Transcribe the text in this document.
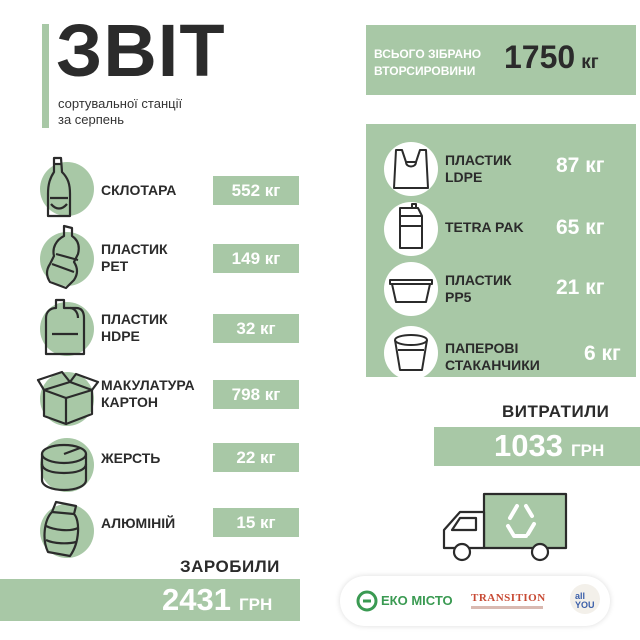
ЗВІТ
сортувальної станції
за серпень
ВСЬОГО ЗІБРАНО
ВТОРСИРОВИНИ 1750 кг
СКЛОТАРА	552 кг
ПЛАСТИК
PET	149 кг
ПЛАСТИК
HDPE	32 кг
МАКУЛАТУРА
КАРТОН	798 кг
ЖЕРСТЬ	22 кг
АЛЮМІНІЙ	15 кг
ПЛАСТИК
LDPE	87 кг
TETRA PAK 65 кг
ПЛАСТИК
PP5	21 кг
ПАПЕРОВІ
СТАКАНЧИКИ 6 кг
ВИТРАТИЛИ
1033 ГРН
ЗАРОБИЛИ
2431 ГРН	ЕКО МІСТО TRANSITION	all
YOU
